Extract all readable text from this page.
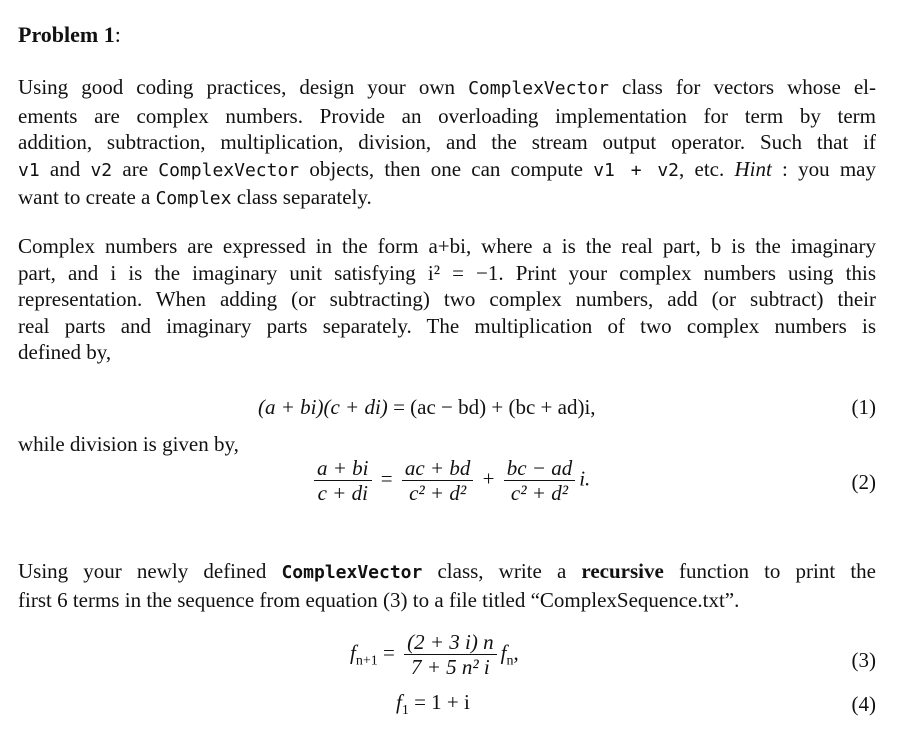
Problem 1:
Using good coding practices, design your own ComplexVector class for vectors whose el-
ements are complex numbers. Provide an overloading implementation for term by term
addition, subtraction, multiplication, division, and the stream output operator. Such that if
v1 and v2 are ComplexVector objects, then one can compute v1 + v2, etc. Hint : you may
want to create a Complex class separately.
Complex numbers are expressed in the form a+bi, where a is the real part, b is the imaginary
part, and i is the imaginary unit satisfying i² = −1. Print your complex numbers using this
representation. When adding (or subtracting) two complex numbers, add (or subtract) their
real parts and imaginary parts separately. The multiplication of two complex numbers is
defined by,
(a + bi)(c + di) = (ac − bd) + (bc + ad)i,	(1)
while division is given by,
$\frac{a + bi}{c + di} = \frac{ac + bd}{\text{c² + d²}} + \frac{bc - ad}{\text{c² + d²}} i$.	(2)
Using your newly defined ComplexVector class, write a recursive function to print the
first 6 terms in the sequence from equation (3) to a file titled “ComplexSequence.txt”.
$f_{n+1} = \frac{(2 + 3 i) n}{\text{7 + 5 n² i}} f_n$,	(3)
$f_1 = 1 + i$	(4)
